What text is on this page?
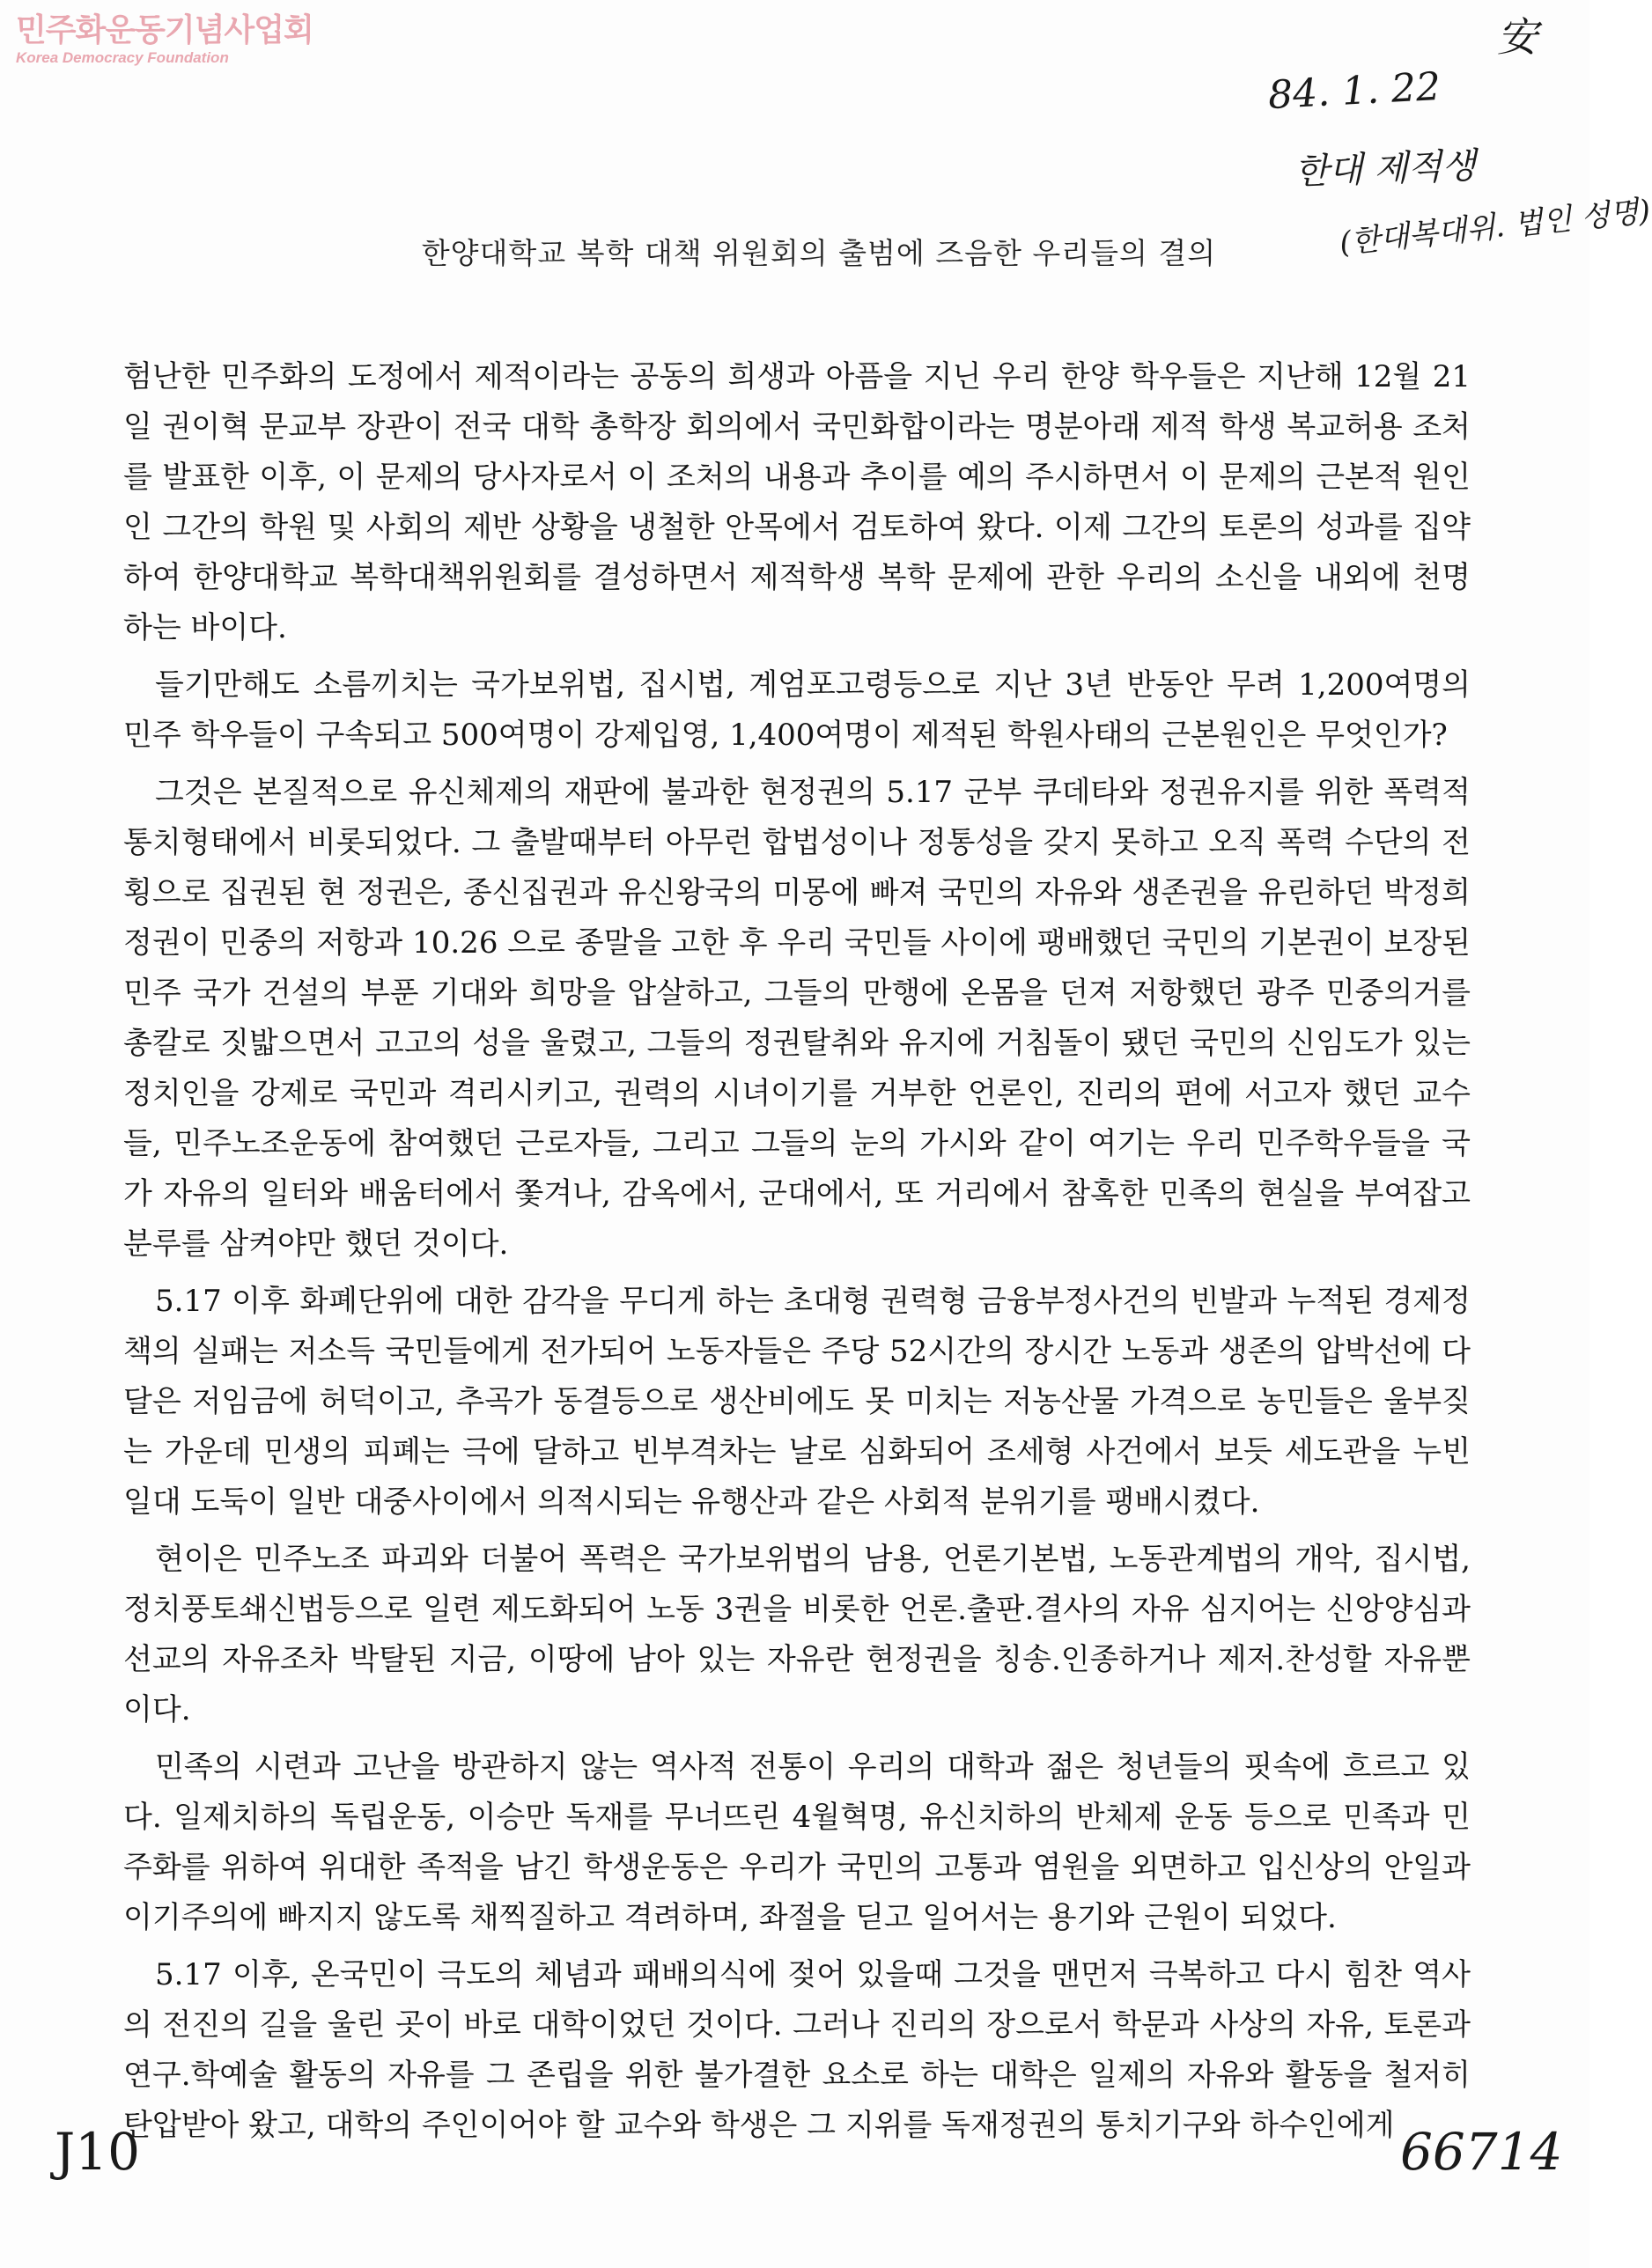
민주화운동기념사업회
Korea Democracy Foundation	安
84. 1. 22
한대 제적생
(한대복대위. 법인 성명)
한양대학교 복학 대책 위원회의 출범에 즈음한 우리들의 결의

험난한 민주화의 도정에서 제적이라는 공동의 희생과 아픔을 지닌 우리 한양 학우들은 지난해 12월 21일 권이혁 문교부 장관이 전국 대학 총학장 회의에서 국민화합이라는 명분아래 제적 학생 복교허용 조처를 발표한 이후, 이 문제의 당사자로서 이 조처의 내용과 추이를 예의 주시하면서 이 문제의 근본적 원인인 그간의 학원 및 사회의 제반 상황을 냉철한 안목에서 검토하여 왔다. 이제 그간의 토론의 성과를 집약하여 한양대학교 복학대책위원회를 결성하면서 제적학생 복학 문제에 관한 우리의 소신을 내외에 천명하는 바이다.

들기만해도 소름끼치는 국가보위법, 집시법, 계엄포고령등으로 지난 3년 반동안 무려 1,200여명의 민주 학우들이 구속되고 500여명이 강제입영, 1,400여명이 제적된 학원사태의 근본원인은 무엇인가?

그것은 본질적으로 유신체제의 재판에 불과한 현정권의 5.17 군부 쿠데타와 정권유지를 위한 폭력적 통치형태에서 비롯되었다. 그 출발때부터 아무런 합법성이나 정통성을 갖지 못하고 오직 폭력 수단의 전횡으로 집권된 현 정권은, 종신집권과 유신왕국의 미몽에 빠져 국민의 자유와 생존권을 유린하던 박정희 정권이 민중의 저항과 10.26 으로 종말을 고한 후 우리 국민들 사이에 팽배했던 국민의 기본권이 보장된 민주 국가 건설의 부푼 기대와 희망을 압살하고, 그들의 만행에 온몸을 던져 저항했던 광주 민중의거를 총칼로 짓밟으면서 고고의 성을 울렸고, 그들의 정권탈취와 유지에 거침돌이 됐던 국민의 신임도가 있는 정치인을 강제로 국민과 격리시키고, 권력의 시녀이기를 거부한 언론인, 진리의 편에 서고자 했던 교수들, 민주노조운동에 참여했던 근로자들, 그리고 그들의 눈의 가시와 같이 여기는 우리 민주학우들을 국가 자유의 일터와 배움터에서 쫓겨나, 감옥에서, 군대에서, 또 거리에서 참혹한 민족의 현실을 부여잡고 분루를 삼켜야만 했던 것이다.

5.17 이후 화폐단위에 대한 감각을 무디게 하는 초대형 권력형 금융부정사건의 빈발과 누적된 경제정책의 실패는 저소득 국민들에게 전가되어 노동자들은 주당 52시간의 장시간 노동과 생존의 압박선에 다달은 저임금에 허덕이고, 추곡가 동결등으로 생산비에도 못 미치는 저농산물 가격으로 농민들은 울부짖는 가운데 민생의 피폐는 극에 달하고 빈부격차는 날로 심화되어 조세형 사건에서 보듯 세도관을 누빈 일대 도둑이 일반 대중사이에서 의적시되는 유행산과 같은 사회적 분위기를 팽배시켰다.

현이은 민주노조 파괴와 더불어 폭력은 국가보위법의 남용, 언론기본법, 노동관계법의 개악, 집시법, 정치풍토쇄신법등으로 일련 제도화되어 노동 3권을 비롯한 언론.출판.결사의 자유 심지어는 신앙양심과 선교의 자유조차 박탈된 지금, 이땅에 남아 있는 자유란 현정권을 칭송.인종하거나 제저.찬성할 자유뿐이다.

민족의 시련과 고난을 방관하지 않는 역사적 전통이 우리의 대학과 젊은 청년들의 핏속에 흐르고 있다. 일제치하의 독립운동, 이승만 독재를 무너뜨린 4월혁명, 유신치하의 반체제 운동 등으로 민족과 민주화를 위하여 위대한 족적을 남긴 학생운동은 우리가 국민의 고통과 염원을 외면하고 입신상의 안일과 이기주의에 빠지지 않도록 채찍질하고 격려하며, 좌절을 딛고 일어서는 용기와 근원이 되었다.

5.17 이후, 온국민이 극도의 체념과 패배의식에 젖어 있을때 그것을 맨먼저 극복하고 다시 힘찬 역사의 전진의 길을 울린 곳이 바로 대학이었던 것이다. 그러나 진리의 장으로서 학문과 사상의 자유, 토론과 연구.학예술 활동의 자유를 그 존립을 위한 불가결한 요소로 하는 대학은 일제의 자유와 활동을 철저히 탄압받아 왔고, 대학의 주인이어야 할 교수와 학생은 그 지위를 독재정권의 통치기구와 하수인에게

J10	66714
